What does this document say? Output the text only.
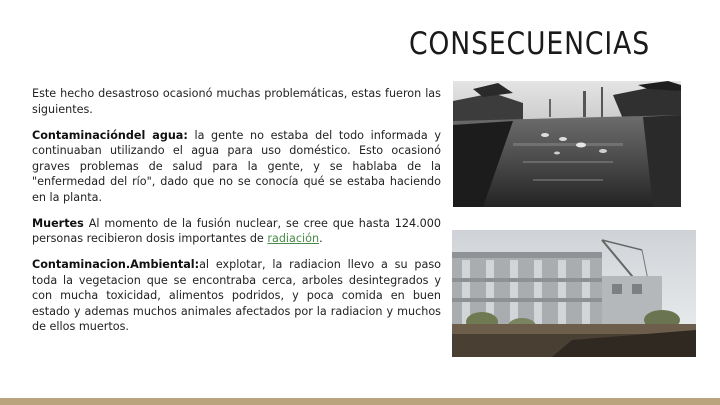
CONSECUENCIAS

Este hecho desastroso ocasionó muchas problemáticas, estas fueron las siguientes.

Contaminacióndel agua: la gente no estaba del todo informada y continuaban utilizando el agua para uso doméstico. Esto ocasionó graves problemas de salud para la gente, y se hablaba de la "enfermedad del río", dado que no se conocía qué se estaba haciendo en la planta.

Muertes Al momento de la fusión nuclear, se cree que hasta 124.000 personas recibieron dosis importantes de radiación.

Contaminacion.Ambiental:al explotar, la radiacion llevo a su paso toda la vegetacion que se encontraba cerca, arboles desintegrados y con mucha toxicidad, alimentos podridos, y poca comida en buen estado y ademas muchos animales afectados por la radiacion y muchos de ellos muertos.
